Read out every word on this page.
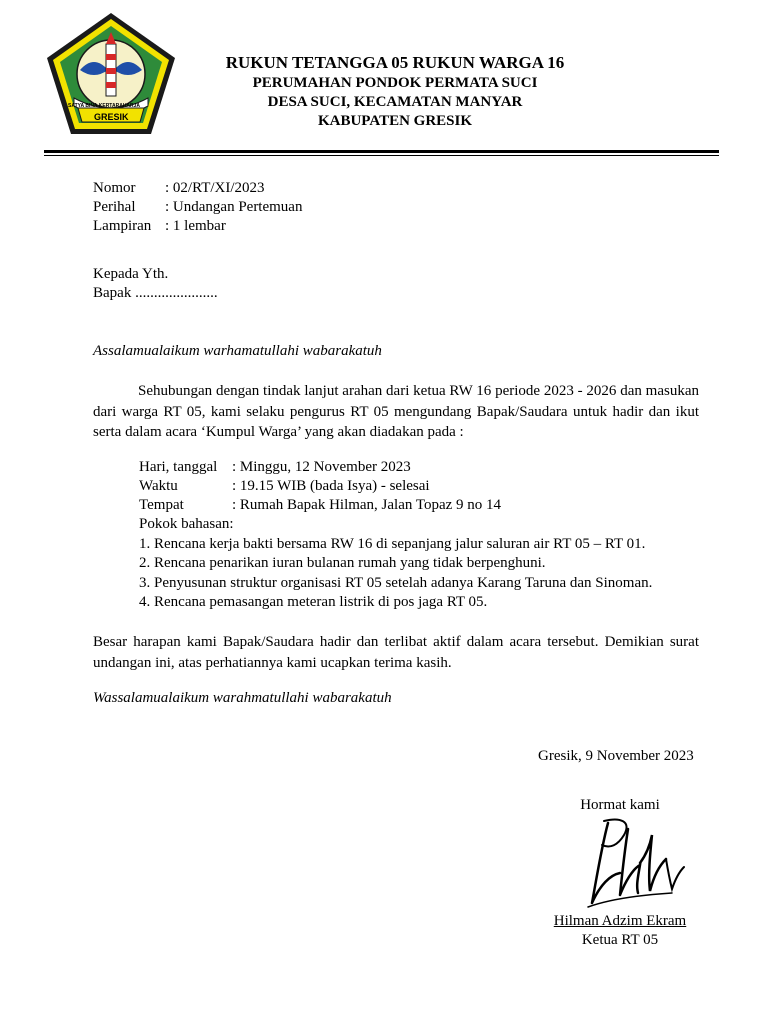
SATYA BINA KERTARAHARJA
GRESIK
RUKUN TETANGGA 05 RUKUN WARGA 16
PERUMAHAN PONDOK PERMATA SUCI
DESA SUCI, KECAMATAN MANYAR
KABUPATEN GRESIK
Nomor : 02/RT/XI/2023
Perihal : Undangan Pertemuan
Lampiran : 1 lembar
Kepada Yth.
Bapak ......................
Assalamualaikum warhamatullahi wabarakatuh
Sehubungan dengan tindak lanjut arahan dari ketua RW 16 periode 2023 - 2026 dan masukan dari warga RT 05, kami selaku pengurus RT 05 mengundang Bapak/Saudara untuk hadir dan ikut serta dalam acara ‘Kumpul Warga’ yang akan diadakan pada :
Hari, tanggal : Minggu, 12 November 2023
Waktu	: 19.15 WIB (bada Isya) - selesai
Tempat	: Rumah Bapak Hilman, Jalan Topaz 9 no 14
Pokok bahasan:
1. Rencana kerja bakti bersama RW 16 di sepanjang jalur saluran air RT 05 – RT 01.
2. Rencana penarikan iuran bulanan rumah yang tidak berpenghuni.
3. Penyusunan struktur organisasi RT 05 setelah adanya Karang Taruna dan Sinoman.
4. Rencana pemasangan meteran listrik di pos jaga RT 05.
Besar harapan kami Bapak/Saudara hadir dan terlibat aktif dalam acara tersebut. Demikian surat undangan ini, atas perhatiannya kami ucapkan terima kasih.
Wassalamualaikum warahmatullahi wabarakatuh
Gresik, 9 November 2023
Hormat kami
Hilman Adzim Ekram
Ketua RT 05
